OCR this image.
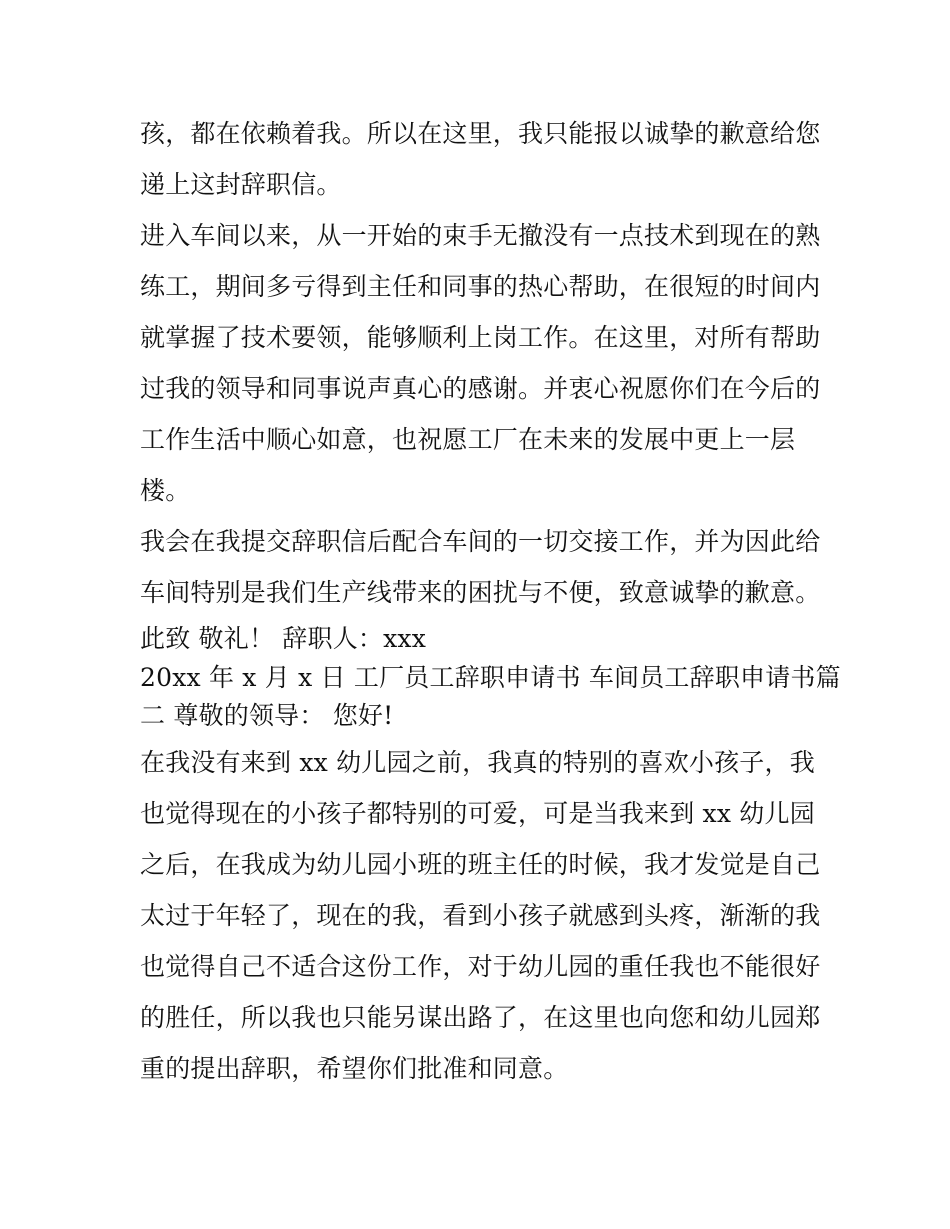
孩，都在依赖着我。所以在这里，我只能报以诚挚的歉意给您
递上这封辞职信。
进入车间以来，从一开始的束手无撤没有一点技术到现在的熟
练工，期间多亏得到主任和同事的热心帮助，在很短的时间内
就掌握了技术要领，能够顺利上岗工作。在这里，对所有帮助
过我的领导和同事说声真心的感谢。并衷心祝愿你们在今后的
工作生活中顺心如意，也祝愿工厂在未来的发展中更上一层
楼。
我会在我提交辞职信后配合车间的一切交接工作，并为因此给
车间特别是我们生产线带来的困扰与不便，致意诚挚的歉意。
此致 敬礼！ 辞职人：xxx
20xx 年 x 月 x 日 工厂员工辞职申请书 车间员工辞职申请书篇
二 尊敬的领导： 您好!
在我没有来到 xx 幼儿园之前，我真的特别的喜欢小孩子，我
也觉得现在的小孩子都特别的可爱，可是当我来到 xx 幼儿园
之后，在我成为幼儿园小班的班主任的时候，我才发觉是自己
太过于年轻了，现在的我，看到小孩子就感到头疼，渐渐的我
也觉得自己不适合这份工作，对于幼儿园的重任我也不能很好
的胜任，所以我也只能另谋出路了，在这里也向您和幼儿园郑
重的提出辞职，希望你们批准和同意。
